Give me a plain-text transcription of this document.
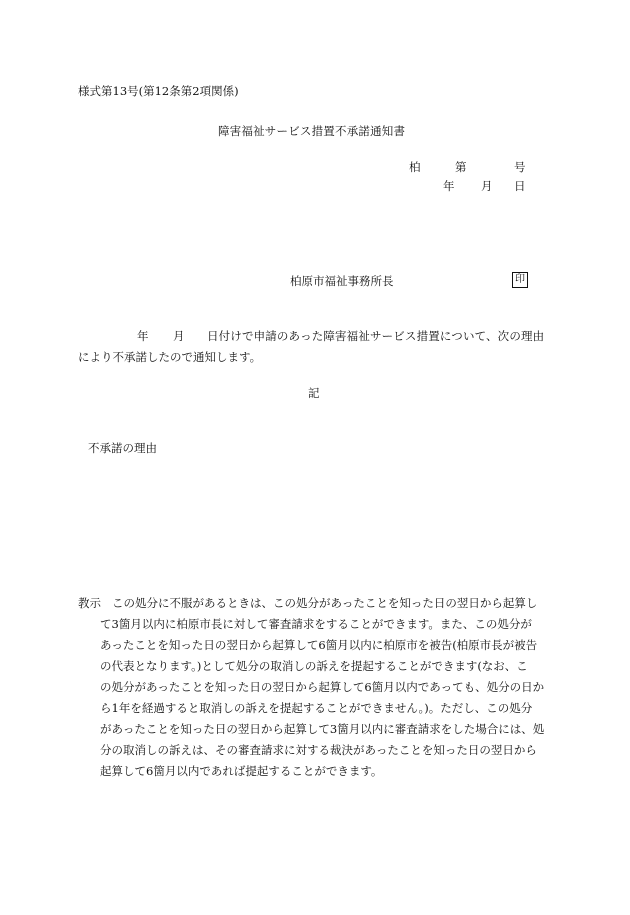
様式第13号(第12条第2項関係)
障害福祉サービス措置不承諾通知書
柏	第	号
年 月 日
柏原市福祉事務所長	印
年 月 日付けで申請のあった障害福祉サービス措置について、次の理由
により不承諾したので通知します。
記
不承諾の理由
教示 この処分に不服があるときは、この処分があったことを知った日の翌日から起算し
て3箇月以内に柏原市長に対して審査請求をすることができます。また、この処分が
あったことを知った日の翌日から起算して6箇月以内に柏原市を被告(柏原市長が被告
の代表となります。)として処分の取消しの訴えを提起することができます(なお、こ
の処分があったことを知った日の翌日から起算して6箇月以内であっても、処分の日か
ら1年を経過すると取消しの訴えを提起することができません。)。ただし、この処分
があったことを知った日の翌日から起算して3箇月以内に審査請求をした場合には、処
分の取消しの訴えは、その審査請求に対する裁決があったことを知った日の翌日から
起算して6箇月以内であれば提起することができます。
